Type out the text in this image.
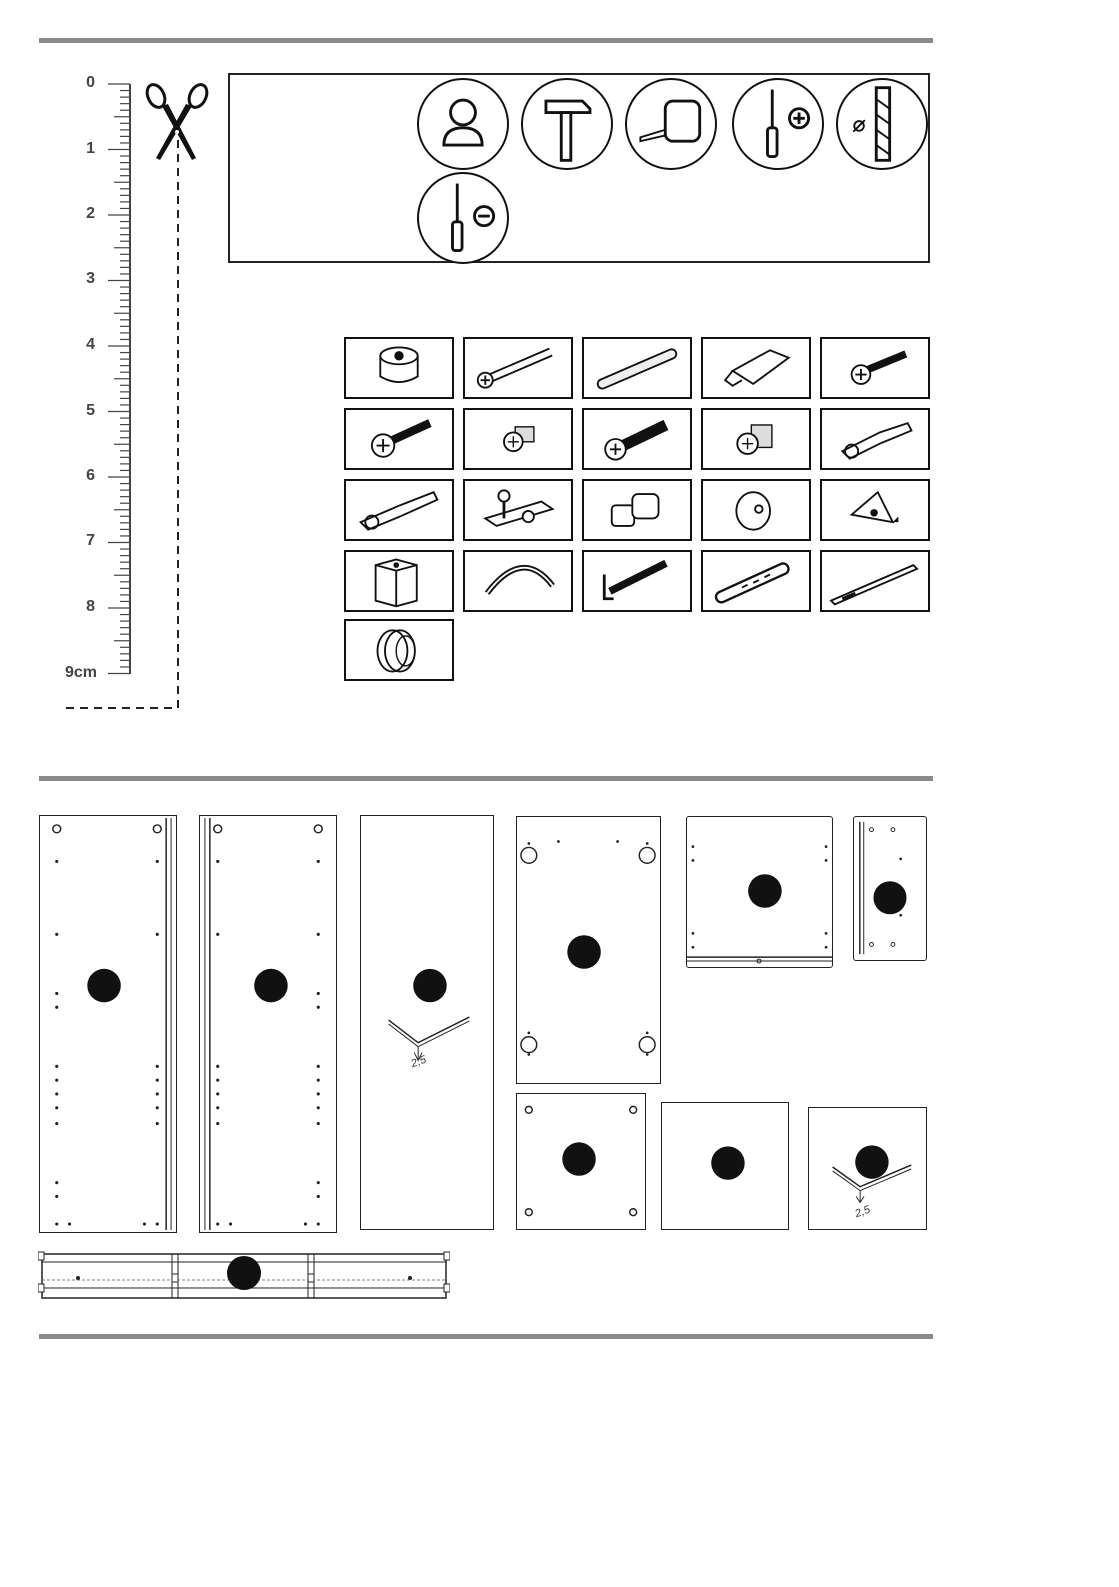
0
1
2
3
4
5
6
7
8
9cm
2,5
2,5
